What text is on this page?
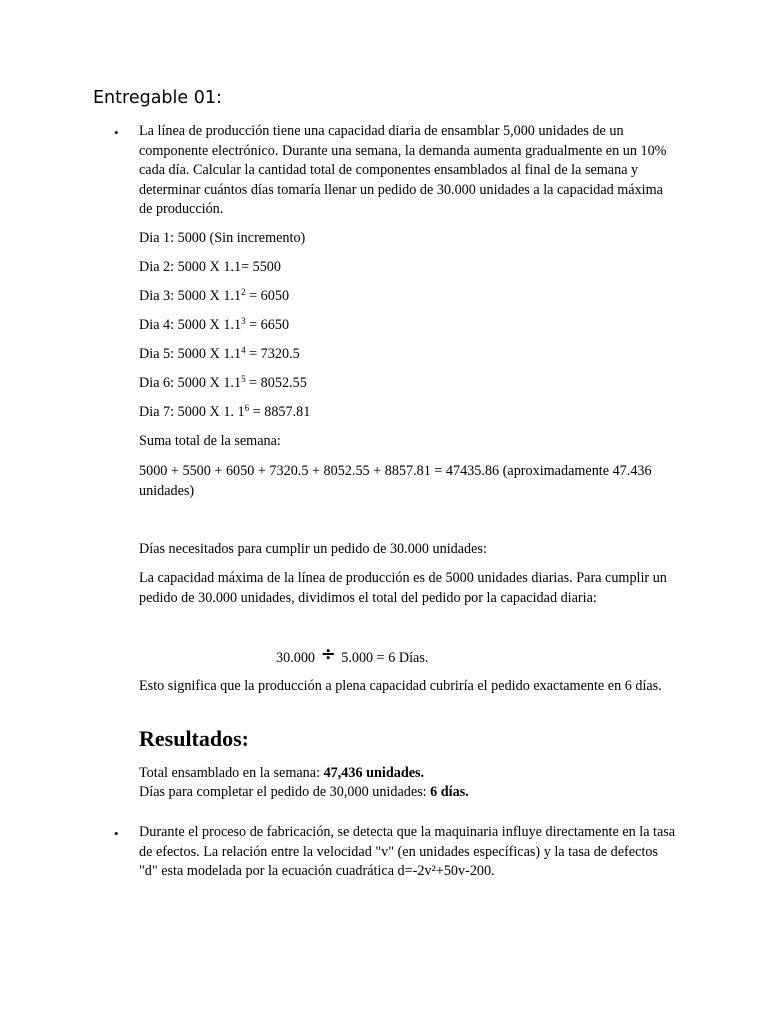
Entregable 01:
• La línea de producción tiene una capacidad diaria de ensamblar 5,000 unidades de un componente electrónico. Durante una semana, la demanda aumenta gradualmente en un 10% cada día. Calcular la cantidad total de componentes ensamblados al final de la semana y determinar cuántos días tomaría llenar un pedido de 30.000 unidades a la capacidad máxima de producción.

Dia 1: 5000 (Sin incremento)

Dia 2: 5000 X 1.1= 5500

Dia 3: 5000 X $1.1^2 = 6050$

Dia 4: 5000 X $1.1^3 = 6650$

Dia 5: 5000 X $1.1^4 = 7320.5$

Dia 6: 5000 X $1.1^5 = 8052.55$

Dia 7: 5000 X 1. $1^6 = 8857.81$

Suma total de la semana:

5000 + 5500 + 6050 + 7320.5 + 8052.55 + 8857.81 = 47435.86 (aproximadamente 47.436 unidades)

Días necesitados para cumplir un pedido de 30.000 unidades:

La capacidad máxima de la línea de producción es de 5000 unidades diarias. Para cumplir un pedido de 30.000 unidades, dividimos el total del pedido por la capacidad diaria:

30.000 ÷ 5.000 = 6 Días.

Esto significa que la producción a plena capacidad cubriría el pedido exactamente en 6 días.

Resultados:

Total ensamblado en la semana: 47,436 unidades.

Días para completar el pedido de 30,000 unidades: 6 días.

• Durante el proceso de fabricación, se detecta que la maquinaria influye directamente en la tasa de efectos. La relación entre la velocidad "v" (en unidades específicas) y la tasa de defectos "d" esta modelada por la ecuación cuadrática d=-2v²+50v-200.
